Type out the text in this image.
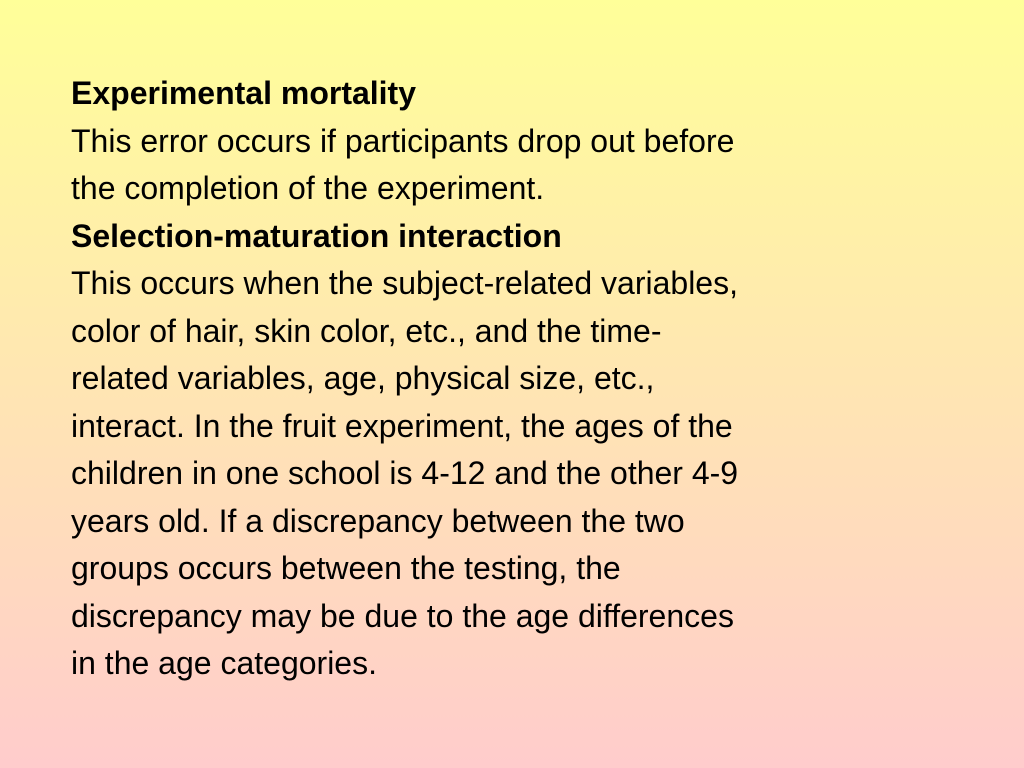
Experimental mortality
This error occurs if participants drop out before
the completion of the experiment.
Selection-maturation interaction
This occurs when the subject-related variables,
color of hair, skin color, etc., and the time-
related variables, age, physical size, etc.,
interact. In the fruit experiment, the ages of the
children in one school is 4-12 and the other 4-9
years old. If a discrepancy between the two
groups occurs between the testing, the
discrepancy may be due to the age differences
in the age categories.
